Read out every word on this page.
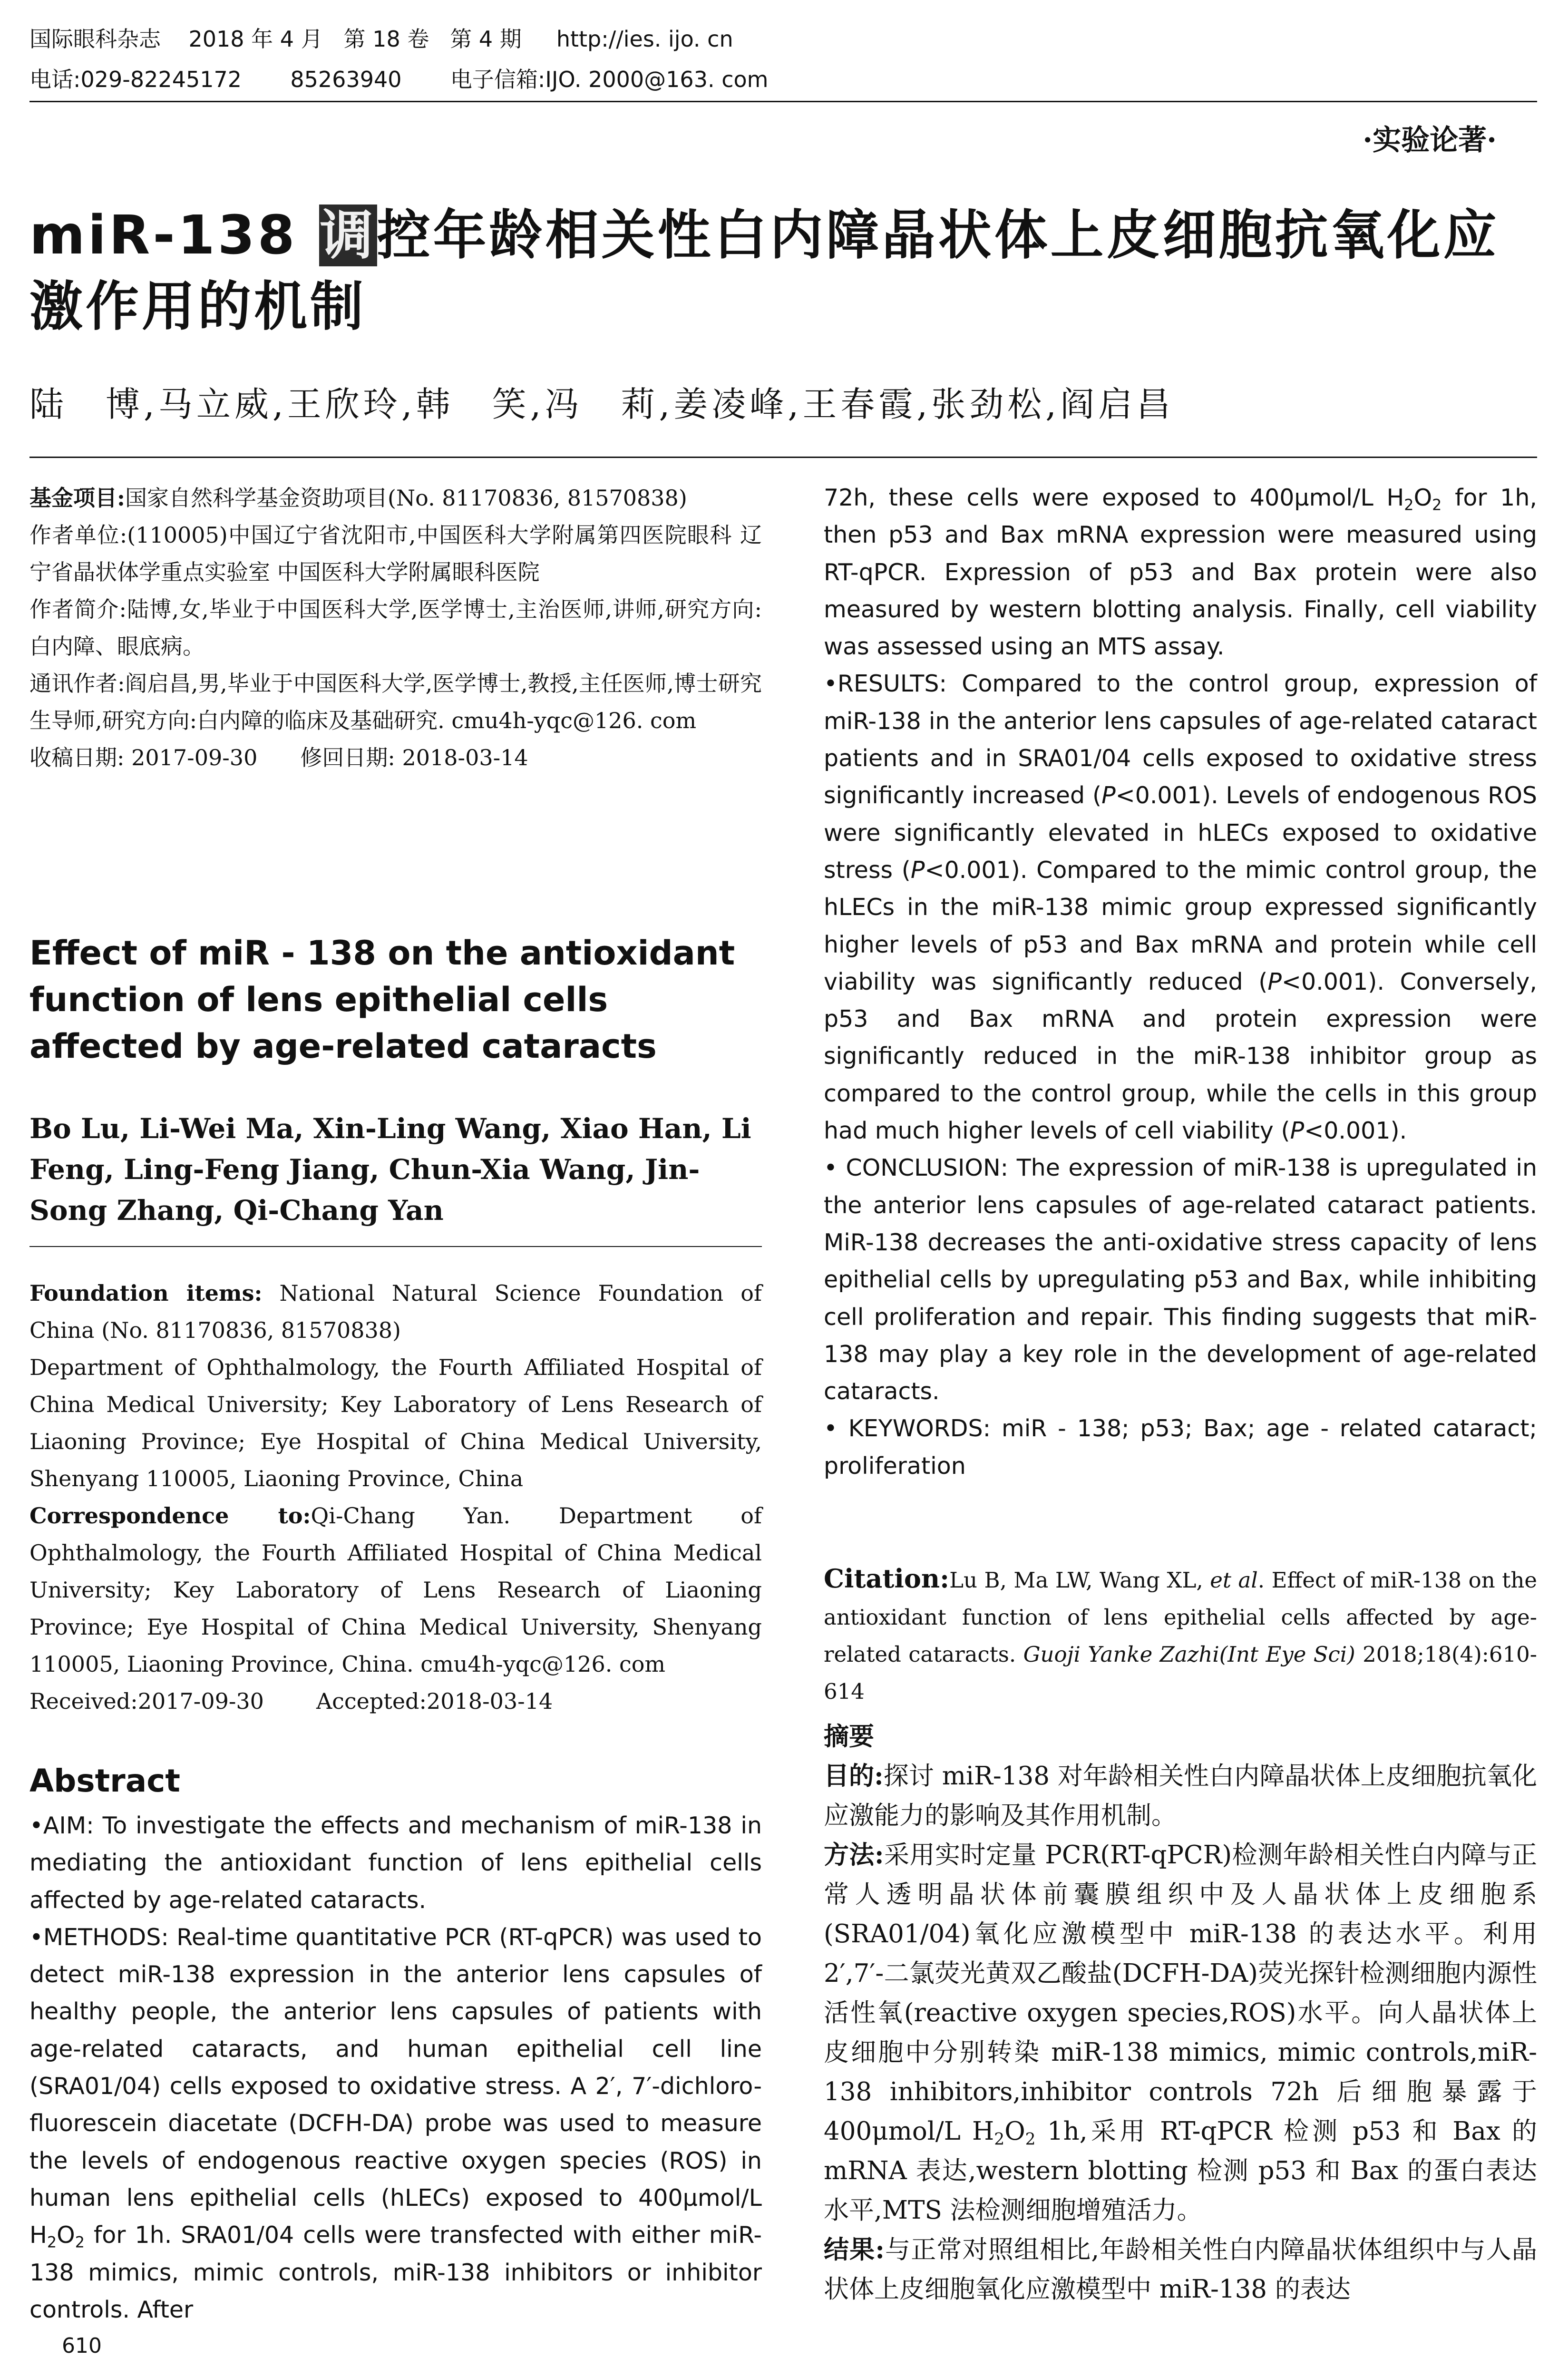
国际眼科杂志    2018 年 4 月   第 18 卷   第 4 期     http://ies. ijo. cn
电话:029-82245172       85263940       电子信箱:IJO. 2000@163. com
·实验论著·
miR-138 调控年龄相关性白内障晶状体上皮细胞抗氧化应激作用的机制
陆　博,马立威,王欣玲,韩　笑,冯　莉,姜凌峰,王春霞,张劲松,阎启昌

基金项目:国家自然科学基金资助项目(No. 81170836, 81570838)

作者单位:(110005)中国辽宁省沈阳市,中国医科大学附属第四医院眼科 辽宁省晶状体学重点实验室 中国医科大学附属眼科医院

作者简介:陆博,女,毕业于中国医科大学,医学博士,主治医师,讲师,研究方向:白内障、眼底病。

通讯作者:阎启昌,男,毕业于中国医科大学,医学博士,教授,主任医师,博士研究生导师,研究方向:白内障的临床及基础研究. cmu4h-yqc@126. com

收稿日期: 2017-09-30 修回日期: 2018-03-14

Effect of miR - 138 on the antioxidant function of lens epithelial cells affected by age-related cataracts
Bo Lu, Li-Wei Ma, Xin-Ling Wang, Xiao Han, Li Feng, Ling-Feng Jiang, Chun-Xia Wang, Jin-Song Zhang, Qi-Chang Yan

Foundation items: National Natural Science Foundation of China (No. 81170836, 81570838)

Department of Ophthalmology, the Fourth Affiliated Hospital of China Medical University; Key Laboratory of Lens Research of Liaoning Province; Eye Hospital of China Medical University, Shenyang 110005, Liaoning Province, China

Correspondence to:Qi-Chang Yan. Department of Ophthalmology, the Fourth Affiliated Hospital of China Medical University; Key Laboratory of Lens Research of Liaoning Province; Eye Hospital of China Medical University, Shenyang 110005, Liaoning Province, China. cmu4h-yqc@126. com

Received:2017-09-30 Accepted:2018-03-14

Abstract

•AIM: To investigate the effects and mechanism of miR-138 in mediating the antioxidant function of lens epithelial cells affected by age-related cataracts.

•METHODS: Real-time quantitative PCR (RT-qPCR) was used to detect miR-138 expression in the anterior lens capsules of healthy people, the anterior lens capsules of patients with age-related cataracts, and human epithelial cell line (SRA01/04) cells exposed to oxidative stress. A 2′, 7′-dichloro-fluorescein diacetate (DCFH-DA) probe was used to measure the levels of endogenous reactive oxygen species (ROS) in human lens epithelial cells (hLECs) exposed to 400μmol/L $H_2O_2$ for 1h. SRA01/04 cells were transfected with either miR-138 mimics, mimic controls, miR-138 inhibitors or inhibitor controls. After

72h, these cells were exposed to 400μmol/L $H_2O_2$ for 1h, then p53 and Bax mRNA expression were measured using RT-qPCR. Expression of p53 and Bax protein were also measured by western blotting analysis. Finally, cell viability was assessed using an MTS assay.

•RESULTS: Compared to the control group, expression of miR-138 in the anterior lens capsules of age-related cataract patients and in SRA01/04 cells exposed to oxidative stress significantly increased (P<0.001). Levels of endogenous ROS were significantly elevated in hLECs exposed to oxidative stress (P<0.001). Compared to the mimic control group, the hLECs in the miR-138 mimic group expressed significantly higher levels of p53 and Bax mRNA and protein while cell viability was significantly reduced (P<0.001). Conversely, p53 and Bax mRNA and protein expression were significantly reduced in the miR-138 inhibitor group as compared to the control group, while the cells in this group had much higher levels of cell viability (P<0.001).

• CONCLUSION: The expression of miR-138 is upregulated in the anterior lens capsules of age-related cataract patients. MiR-138 decreases the anti-oxidative stress capacity of lens epithelial cells by upregulating p53 and Bax, while inhibiting cell proliferation and repair. This finding suggests that miR-138 may play a key role in the development of age-related cataracts.

• KEYWORDS: miR - 138; p53; Bax; age - related cataract; proliferation

Citation:Lu B, Ma LW, Wang XL, et al. Effect of miR-138 on the antioxidant function of lens epithelial cells affected by age-related cataracts. Guoji Yanke Zazhi(Int Eye Sci) 2018;18(4):610-614

摘要

目的:探讨 miR-138 对年龄相关性白内障晶状体上皮细胞抗氧化应激能力的影响及其作用机制。

方法:采用实时定量 PCR(RT-qPCR)检测年龄相关性白内障与正常人透明晶状体前囊膜组织中及人晶状体上皮细胞系(SRA01/04)氧化应激模型中 miR-138 的表达水平。利用 2′,7′-二氯荧光黄双乙酸盐(DCFH-DA)荧光探针检测细胞内源性活性氧(reactive oxygen species,ROS)水平。向人晶状体上皮细胞中分别转染 miR-138 mimics, mimic controls,miR-138 inhibitors,inhibitor controls 72h 后细胞暴露于 400μmol/L $H_2O_2$ 1h,采用 RT-qPCR 检测 p53 和 Bax 的 mRNA 表达,western blotting 检测 p53 和 Bax 的蛋白表达水平,MTS 法检测细胞增殖活力。

结果:与正常对照组相比,年龄相关性白内障晶状体组织中与人晶状体上皮细胞氧化应激模型中 miR-138 的表达

610
